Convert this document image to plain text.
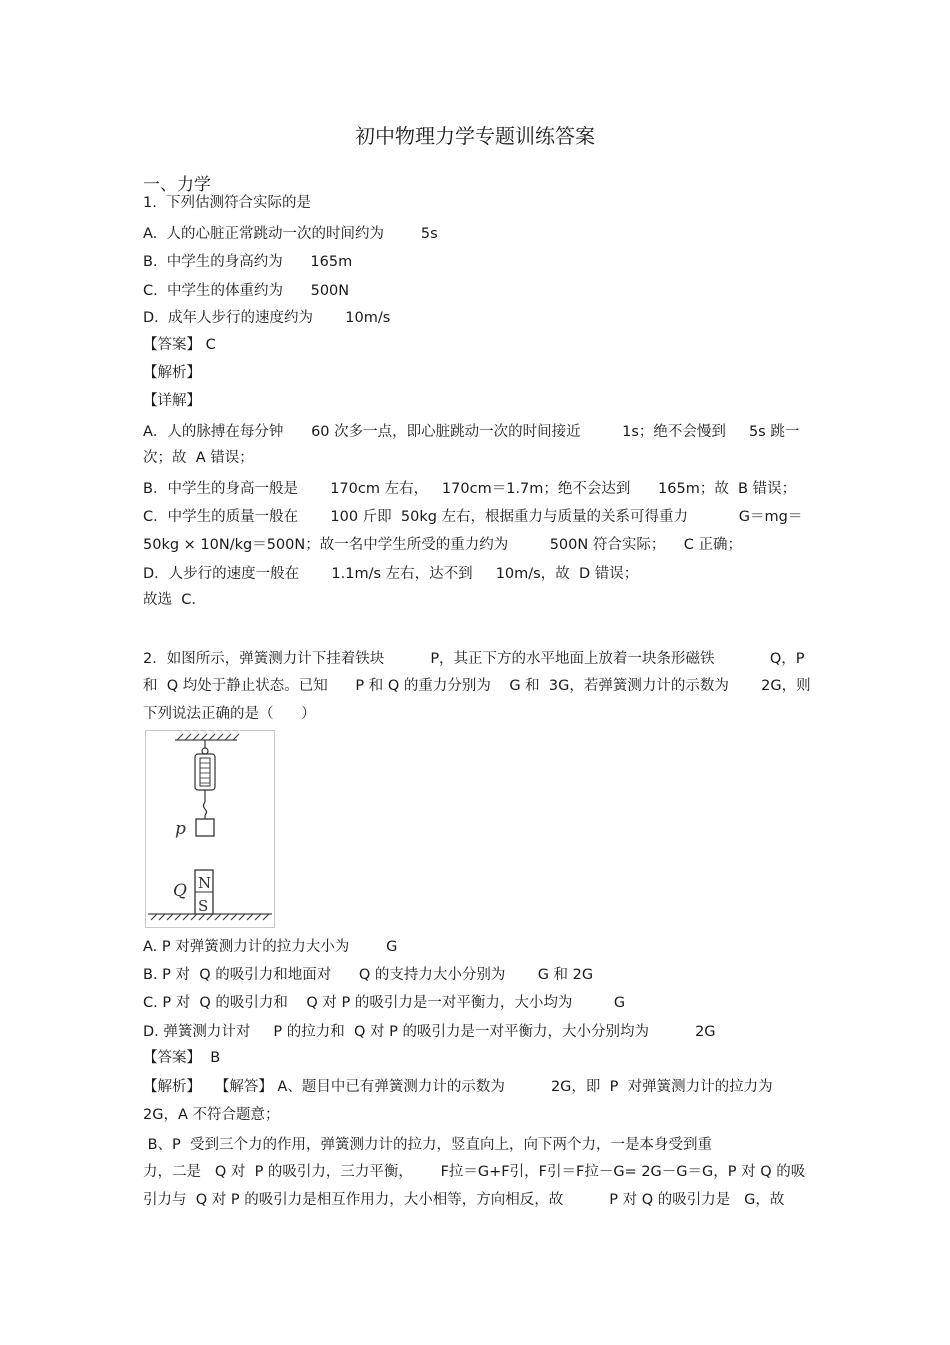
初中物理力学专题训练答案
一、力学
1.  下列估测符合实际的是
A.  人的心脏正常跳动一次的时间约为        5s
B.  中学生的身高约为      165m
C.  中学生的体重约为      500N
D.  成年人步行的速度约为       10m/s
【答案】 C
【解析】
【详解】
A．人的脉搏在每分钟      60 次多一点，即心脏跳动一次的时间接近         1s；绝不会慢到     5s 跳一
次；故  A 错误；
B．中学生的身高一般是       170cm 左右，   170cm＝1.7m；绝不会达到      165m；故  B 错误；
C．中学生的质量一般在       100 斤即  50kg 左右，根据重力与质量的关系可得重力           G＝mg＝
50kg × 10N/kg＝500N；故一名中学生所受的重力约为         500N 符合实际；    C 正确；
D．人步行的速度一般在       1.1m/s 左右，达不到     10m/s，故  D 错误；
故选  C．
2．如图所示，弹簧测力计下挂着铁块          P，其正下方的水平地面上放着一块条形磁铁            Q，P
和  Q 均处于静止状态。已知      P 和 Q 的重力分别为    G 和  3G，若弹簧测力计的示数为       2G，则
下列说法正确的是（      ）
p
N
S
Q
A. P 对弹簧测力计的拉力大小为        G
B. P 对  Q 的吸引力和地面对      Q 的支持力大小分别为       G 和 2G
C. P 对  Q 的吸引力和    Q 对 P 的吸引力是一对平衡力，大小均为         G
D. 弹簧测力计对     P 的拉力和  Q 对 P 的吸引力是一对平衡力，大小分别均为          2G
【答案】  B
【解析】   【解答】 A、题目中已有弹簧测力计的示数为          2G，即  P  对弹簧测力计的拉力为
2G，A 不符合题意；
B、P  受到三个力的作用，弹簧测力计的拉力，竖直向上，向下两个力，一是本身受到重
力，二是   Q 对  P 的吸引力，三力平衡，      F拉＝G+F引，F引＝F拉－G= 2G－G＝G，P 对 Q 的吸
引力与  Q 对 P 的吸引力是相互作用力，大小相等，方向相反，故          P 对 Q 的吸引力是   G，故
